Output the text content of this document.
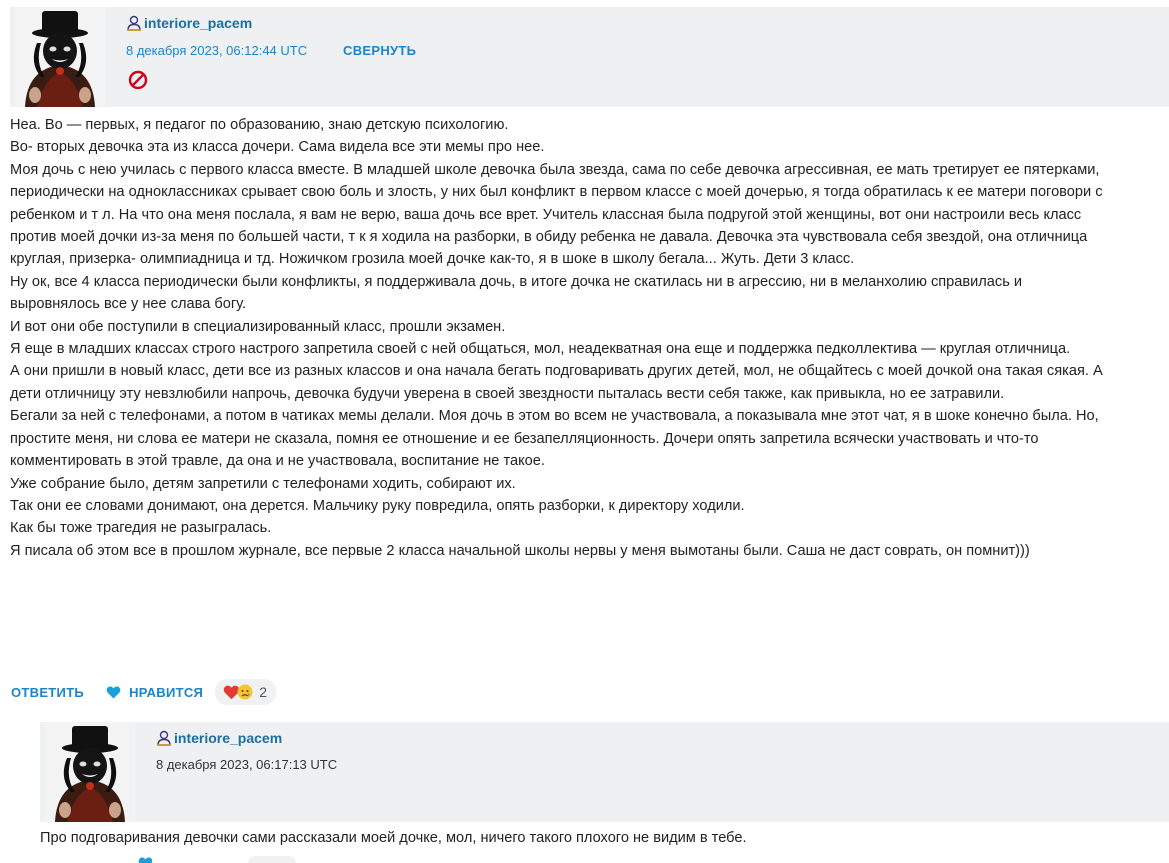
interiore_pacem
8 декабря 2023, 06:12:44 UTC	СВЕРНУТЬ

Неа. Во — первых, я педагог по образованию, знаю детскую психологию.

Во- вторых девочка эта из класса дочери. Сама видела все эти мемы про нее.

Моя дочь с нею училась с первого класса вместе. В младшей школе девочка была звезда, сама по себе девочка агрессивная, ее мать третирует ее пятерками, периодически на одноклассниках срывает свою боль и злость, у них был конфликт в первом классе с моей дочерью, я тогда обратилась к ее матери поговори с ребенком и т л. На что она меня послала, я вам не верю, ваша дочь все врет. Учитель классная была подругой этой женщины, вот они настроили весь класс против моей дочки из-за меня по большей части, т к я ходила на разборки, в обиду ребенка не давала. Девочка эта чувствовала себя звездой, она отличница круглая, призерка- олимпиадница и тд. Ножичком грозила моей дочке как-то, я в шоке в школу бегала... Жуть. Дети 3 класс.

Ну ок, все 4 класса периодически были конфликты, я поддерживала дочь, в итоге дочка не скатилась ни в агрессию, ни в меланхолию справилась и выровнялось все у нее слава богу.

И вот они обе поступили в специализированный класс, прошли экзамен.

Я еще в младших классах строго настрого запретила своей с ней общаться, мол, неадекватная она еще и поддержка педколлектива — круглая отличница.

А они пришли в новый класс, дети все из разных классов и она начала бегать подговаривать других детей, мол, не общайтесь с моей дочкой она такая сякая. А дети отличницу эту невзлюбили напрочь, девочка будучи уверена в своей звездности пыталась вести себя также, как привыкла, но ее затравили.

Бегали за ней с телефонами, а потом в чатиках мемы делали. Моя дочь в этом во всем не участвовала, а показывала мне этот чат, я в шоке конечно была. Но, простите меня, ни слова ее матери не сказала, помня ее отношение и ее безапелляционность. Дочери опять запретила всячески участвовать и что-то

комментировать в этой травле, да она и не участвовала, воспитание не такое.

Уже собрание было, детям запретили с телефонами ходить, собирают их.

Так они ее словами донимают, она дерется. Мальчику руку повредила, опять разборки, к директору ходили.

Как бы тоже трагедия не разыгралась.

Я писала об этом все в прошлом журнале, все первые 2 класса начальной школы нервы у меня вымотаны были. Саша не даст соврать, он помнит)))

ОТВЕТИТЬ	НРАВИТСЯ	2
interiore_pacem
8 декабря 2023, 06:17:13 UTC

Про подговаривания девочки сами рассказали моей дочке, мол, ничего такого плохого не видим в тебе.
